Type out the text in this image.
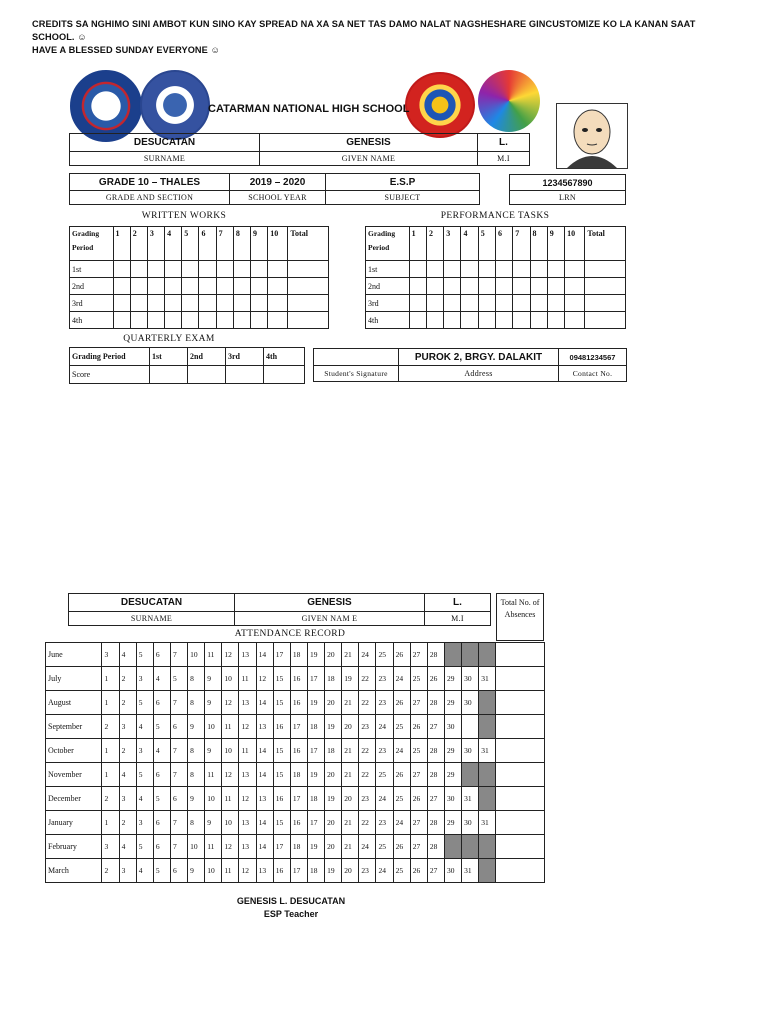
CREDITS SA NGHIMO SINI AMBOT KUN SINO KAY SPREAD NA XA SA NET TAS DAMO NALAT NAGSHESHARE GINCUSTOMIZE KO LA KANAN SAAT SCHOOL. ☺
HAVE A BLESSED SUNDAY EVERYONE ☺
CATARMAN NATIONAL HIGH SCHOOL
DESUCATAN	GENESIS	L.
SURNAME	GIVEN NAME	M.I
GRADE 10 – THALES	2019 – 2020	E.S.P
GRADE AND SECTION	SCHOOL YEAR	SUBJECT
1234567890
LRN
WRITTEN WORKS
Grading Period	1	2	3	4	5	6	7	8	9	10	Total
1st											
2nd											
3rd											
4th											
PERFORMANCE TASKS
Grading Period	1	2	3	4	5	6	7	8	9	10	Total
1st											
2nd											
3rd											
4th											
QUARTERLY EXAM
Grading Period	1st	2nd	3rd	4th
Score				
	PUROK 2, BRGY. DALAKIT	09481234567
Student's Signature	Address	Contact No.
DESUCATAN	GENESIS	L.
SURNAME	GIVEN NAM E	M.I
Total No. of Absences
ATTENDANCE RECORD
June	3	4	5	6	7	10	11	12	13	14	17	18	19	20	21	24	25	26	27	28				
July	1	2	3	4	5	8	9	10	11	12	15	16	17	18	19	22	23	24	25	26	29	30	31	
August	1	2	5	6	7	8	9	12	13	14	15	16	19	20	21	22	23	26	27	28	29	30		
September	2	3	4	5	6	9	10	11	12	13	16	17	18	19	20	23	24	25	26	27	30			
October	1	2	3	4	7	8	9	10	11	14	15	16	17	18	21	22	23	24	25	28	29	30	31	
November	1	4	5	6	7	8	11	12	13	14	15	18	19	20	21	22	25	26	27	28	29			
December	2	3	4	5	6	9	10	11	12	13	16	17	18	19	20	23	24	25	26	27	30	31		
January	1	2	3	6	7	8	9	10	13	14	15	16	17	20	21	22	23	24	27	28	29	30	31	
February	3	4	5	6	7	10	11	12	13	14	17	18	19	20	21	24	25	26	27	28				
March	2	3	4	5	6	9	10	11	12	13	16	17	18	19	20	23	24	25	26	27	30	31		
GENESIS L. DESUCATAN
ESP Teacher
